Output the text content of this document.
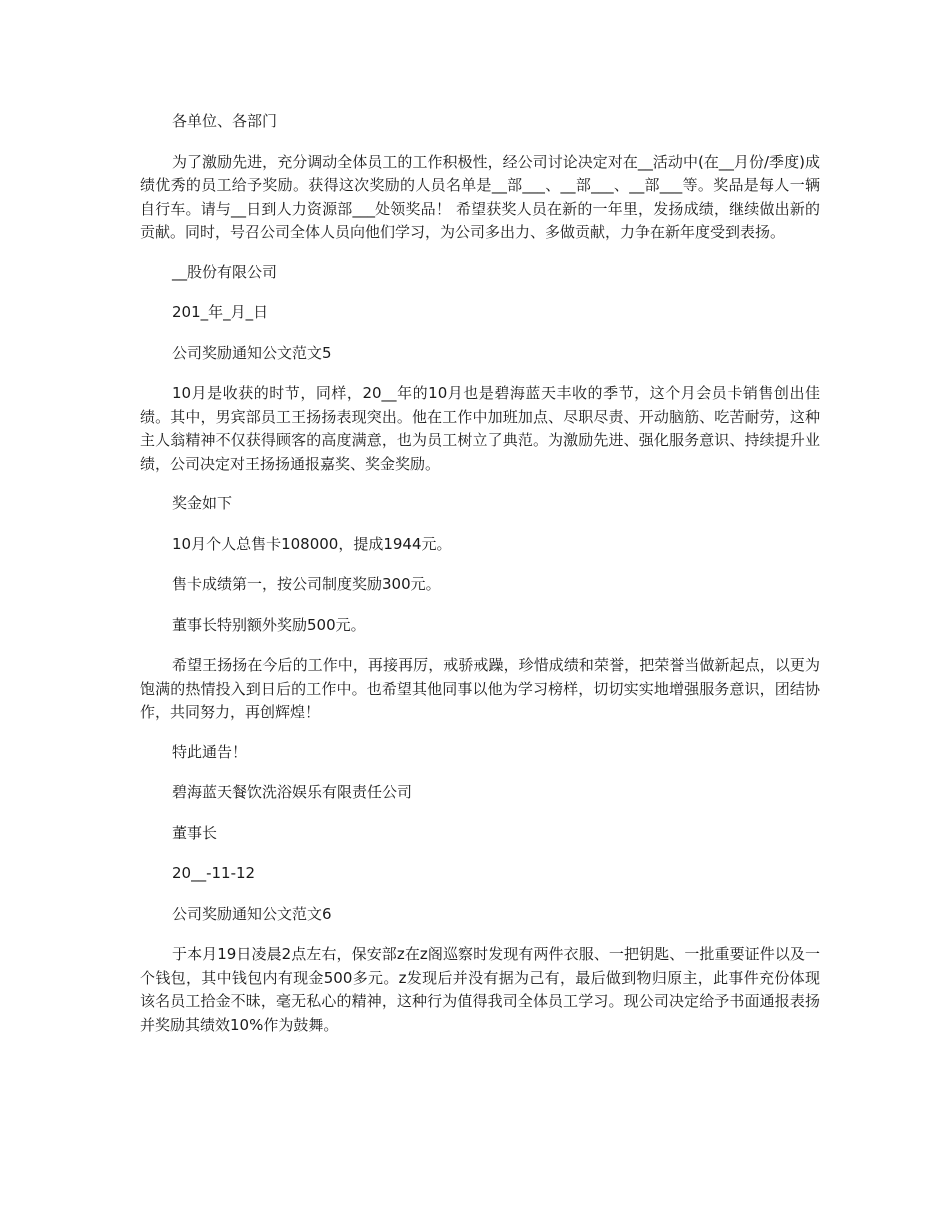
各单位、各部门

为了激励先进，充分调动全体员工的工作积极性，经公司讨论决定对在__活动中(在__月份/季度)成绩优秀的员工给予奖励。获得这次奖励的人员名单是__部___、__部___、__部___等。奖品是每人一辆自行车。请与__日到人力资源部___处领奖品！ 希望获奖人员在新的一年里，发扬成绩，继续做出新的贡献。同时，号召公司全体人员向他们学习，为公司多出力、多做贡献，力争在新年度受到表扬。

__股份有限公司

201_年_月_日

公司奖励通知公文范文5

10月是收获的时节，同样，20__年的10月也是碧海蓝天丰收的季节，这个月会员卡销售创出佳绩。其中，男宾部员工王扬扬表现突出。他在工作中加班加点、尽职尽责、开动脑筋、吃苦耐劳，这种主人翁精神不仅获得顾客的高度满意，也为员工树立了典范。为激励先进、强化服务意识、持续提升业绩，公司决定对王扬扬通报嘉奖、奖金奖励。

奖金如下

10月个人总售卡108000，提成1944元。

售卡成绩第一，按公司制度奖励300元。

董事长特别额外奖励500元。

希望王扬扬在今后的工作中，再接再厉，戒骄戒躁，珍惜成绩和荣誉，把荣誉当做新起点，以更为饱满的热情投入到日后的工作中。也希望其他同事以他为学习榜样，切切实实地增强服务意识，团结协作，共同努力，再创辉煌！

特此通告！

碧海蓝天餐饮洗浴娱乐有限责任公司

董事长

20__-11-12

公司奖励通知公文范文6

于本月19日凌晨2点左右，保安部z在z阁巡察时发现有两件衣服、一把钥匙、一批重要证件以及一个钱包，其中钱包内有现金500多元。z发现后并没有据为己有，最后做到物归原主，此事件充份体现该名员工拾金不昧，毫无私心的精神，这种行为值得我司全体员工学习。现公司决定给予书面通报表扬并奖励其绩效10%作为鼓舞。
